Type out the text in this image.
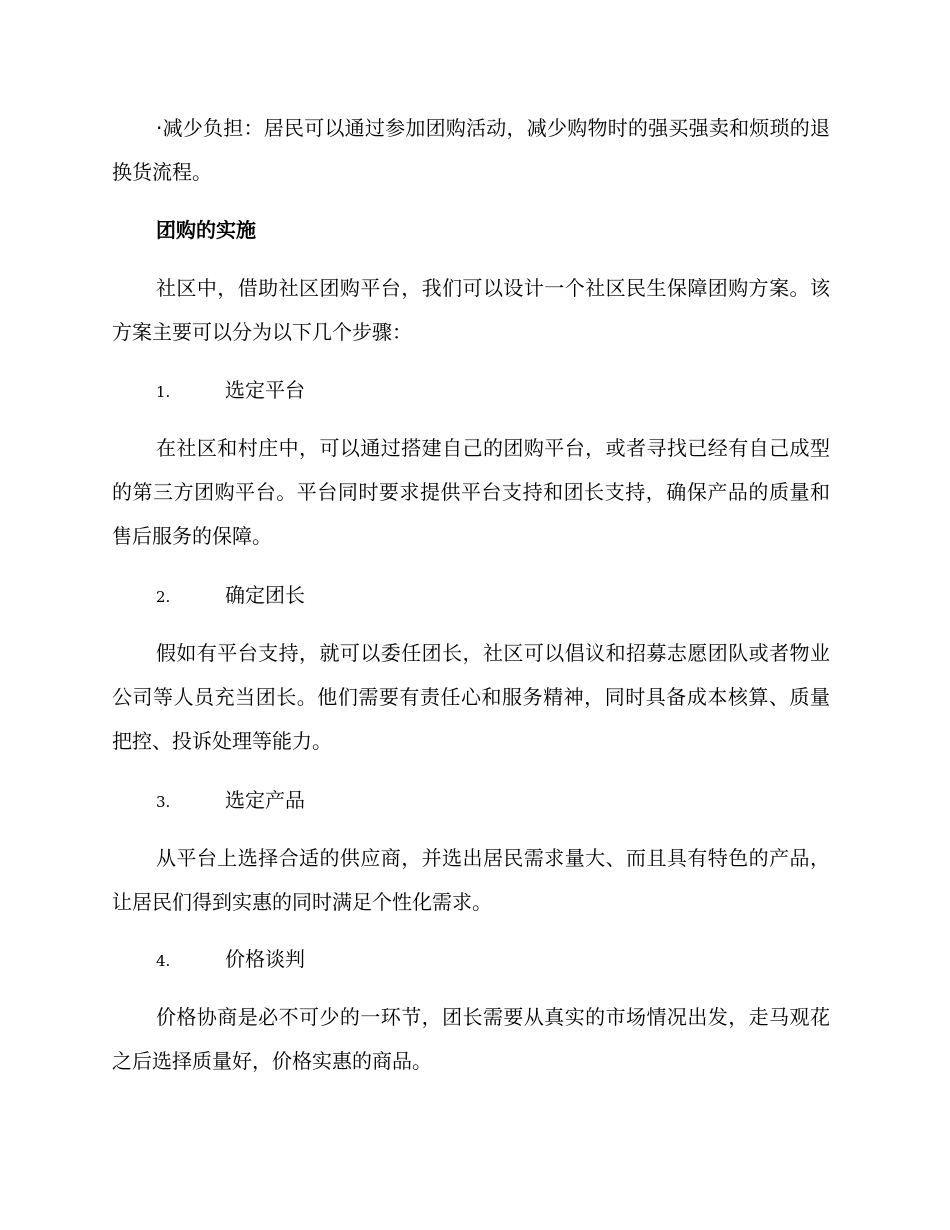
·减少负担：居民可以通过参加团购活动，减少购物时的强买强卖和烦琐的退换货流程。

团购的实施

社区中，借助社区团购平台，我们可以设计一个社区民生保障团购方案。该方案主要可以分为以下几个步骤：

1.	选定平台

在社区和村庄中，可以通过搭建自己的团购平台，或者寻找已经有自己成型的第三方团购平台。平台同时要求提供平台支持和团长支持，确保产品的质量和售后服务的保障。

2.	确定团长

假如有平台支持，就可以委任团长，社区可以倡议和招募志愿团队或者物业公司等人员充当团长。他们需要有责任心和服务精神，同时具备成本核算、质量把控、投诉处理等能力。

3.	选定产品

从平台上选择合适的供应商，并选出居民需求量大、而且具有特色的产品，让居民们得到实惠的同时满足个性化需求。

4.	价格谈判

价格协商是必不可少的一环节，团长需要从真实的市场情况出发，走马观花之后选择质量好，价格实惠的商品。
